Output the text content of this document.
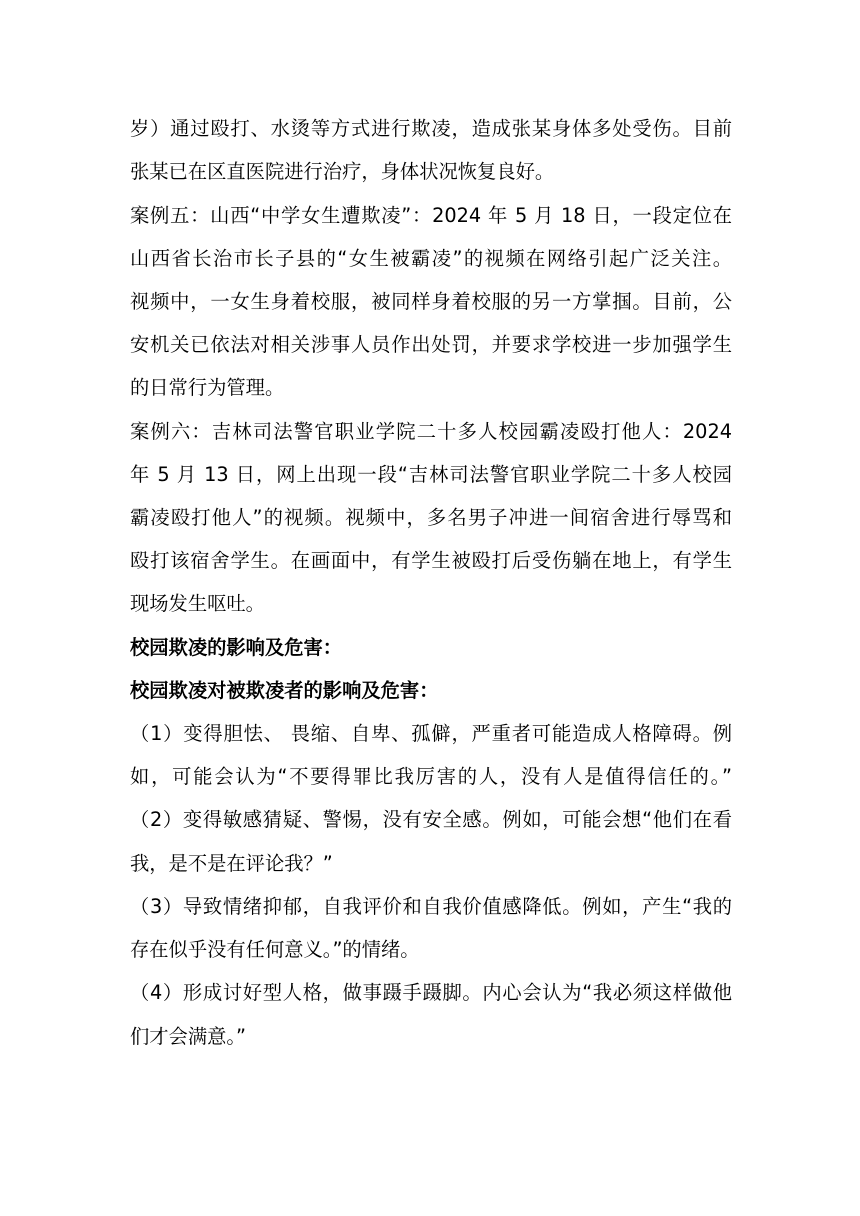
岁）通过殴打、水烫等方式进行欺凌，造成张某身体多处受伤。目前
张某已在区直医院进行治疗，身体状况恢复良好。
案例五：山西“中学女生遭欺凌”：2024 年 5 月 18 日，一段定位在
山西省长治市长子县的“女生被霸凌”的视频在网络引起广泛关注。
视频中，一女生身着校服，被同样身着校服的另一方掌掴。目前，公
安机关已依法对相关涉事人员作出处罚，并要求学校进一步加强学生
的日常行为管理。
案例六：吉林司法警官职业学院二十多人校园霸凌殴打他人：2024
年 5 月 13 日，网上出现一段“吉林司法警官职业学院二十多人校园
霸凌殴打他人”的视频。视频中，多名男子冲进一间宿舍进行辱骂和
殴打该宿舍学生。在画面中，有学生被殴打后受伤躺在地上，有学生
现场发生呕吐。
校园欺凌的影响及危害：
校园欺凌对被欺凌者的影响及危害：
（1）变得胆怯、 畏缩、自卑、孤僻，严重者可能造成人格障碍。例
如，可能会认为“不要得罪比我厉害的人，没有人是值得信任的。”
（2）变得敏感猜疑、警惕，没有安全感。例如，可能会想“他们在看
我，是不是在评论我？”
（3）导致情绪抑郁，自我评价和自我价值感降低。例如，产生“我的
存在似乎没有任何意义。”的情绪。
（4）形成讨好型人格，做事蹑手蹑脚。内心会认为“我必须这样做他
们才会满意。”
